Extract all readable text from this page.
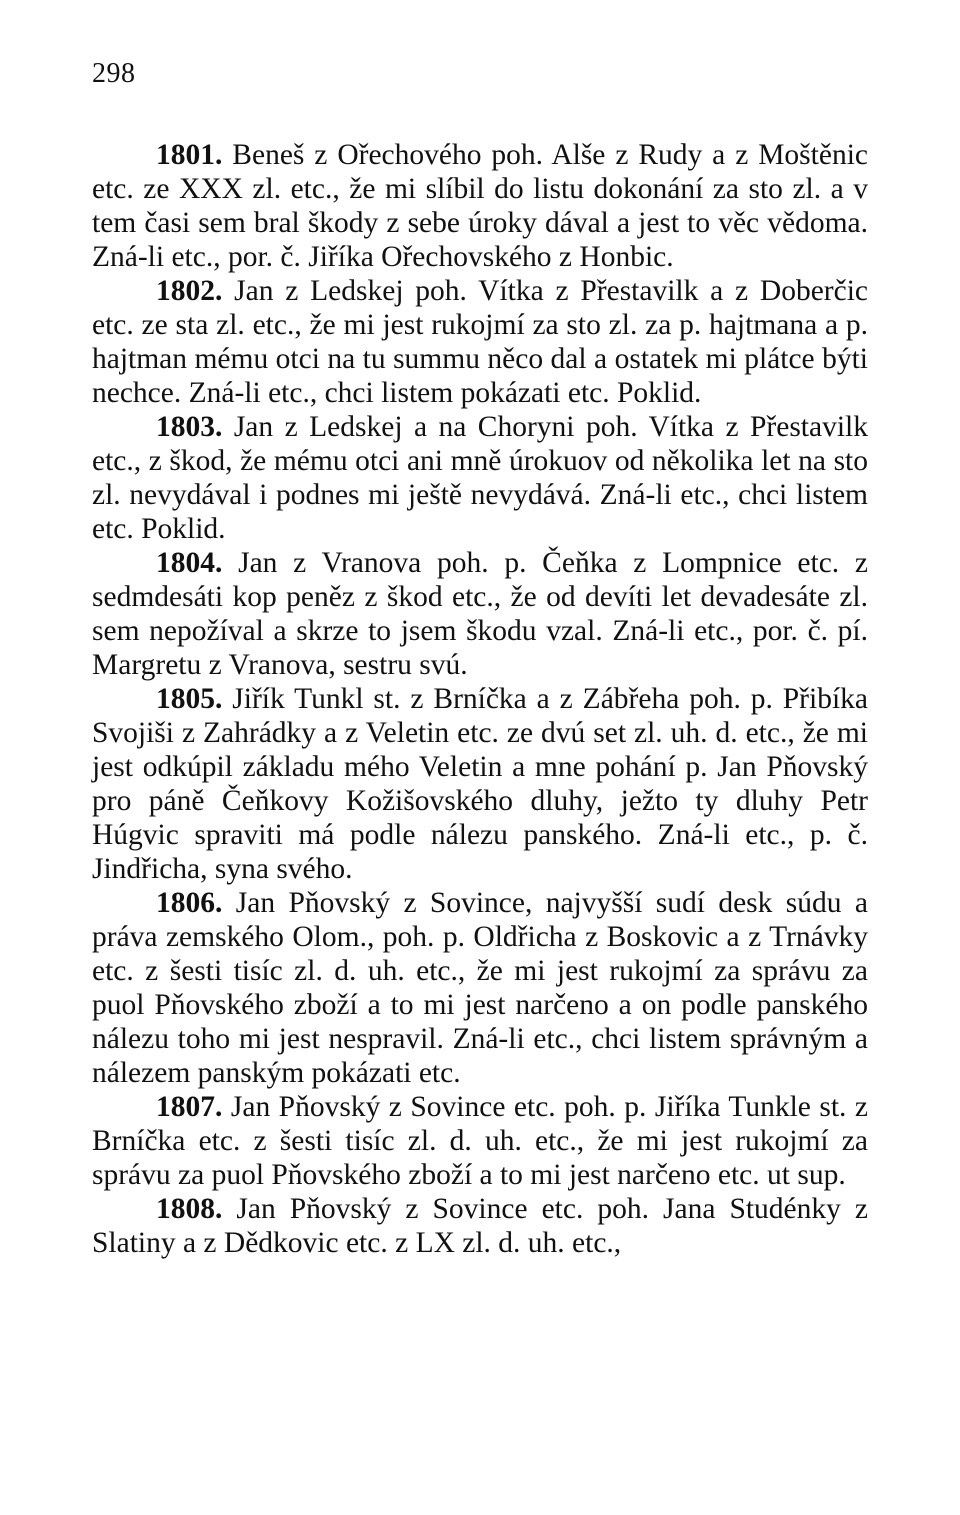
298

1801. Beneš z Ořechového poh. Alše z Rudy a z Moštěnic etc. ze XXX zl. etc., že mi slíbil do listu dokonání za sto zl. a v tem časi sem bral škody z sebe úroky dával a jest to věc vědoma. Zná-li etc., por. č. Jiříka Ořechovského z Honbic.

1802. Jan z Ledskej poh. Vítka z Přestavilk a z Doberčic etc. ze sta zl. etc., že mi jest rukojmí za sto zl. za p. hajtmana a p. hajtman mému otci na tu summu něco dal a ostatek mi plátce býti nechce. Zná-li etc., chci listem pokázati etc. Poklid.

1803. Jan z Ledskej a na Choryni poh. Vítka z Přestavilk etc., z škod, že mému otci ani mně úrokuov od několika let na sto zl. nevydával i podnes mi ještě nevydává. Zná-li etc., chci listem etc. Poklid.

1804. Jan z Vranova poh. p. Čeňka z Lompnice etc. z sedmdesáti kop peněz z škod etc., že od devíti let devadesáte zl. sem nepožíval a skrze to jsem škodu vzal. Zná-li etc., por. č. pí. Margretu z Vranova, sestru svú.

1805. Jiřík Tunkl st. z Brníčka a z Zábřeha poh. p. Přibíka Svojiši z Zahrádky a z Veletin etc. ze dvú set zl. uh. d. etc., že mi jest odkúpil základu mého Veletin a mne pohání p. Jan Pňovský pro páně Čeňkovy Kožišovského dluhy, ježto ty dluhy Petr Húgvic spraviti má podle nálezu panského. Zná-li etc., p. č. Jindřicha, syna svého.

1806. Jan Pňovský z Sovince, najvyšší sudí desk súdu a práva zemského Olom., poh. p. Oldřicha z Boskovic a z Trnávky etc. z šesti tisíc zl. d. uh. etc., že mi jest rukojmí za správu za puol Pňovského zboží a to mi jest narčeno a on podle panského nálezu toho mi jest nespravil. Zná-li etc., chci listem správným a nálezem panským pokázati etc.

1807. Jan Pňovský z Sovince etc. poh. p. Jiříka Tunkle st. z Brníčka etc. z šesti tisíc zl. d. uh. etc., že mi jest rukojmí za správu za puol Pňovského zboží a to mi jest narčeno etc. ut sup.

1808. Jan Pňovský z Sovince etc. poh. Jana Studénky z Slatiny a z Dědkovic etc. z LX zl. d. uh. etc.,
